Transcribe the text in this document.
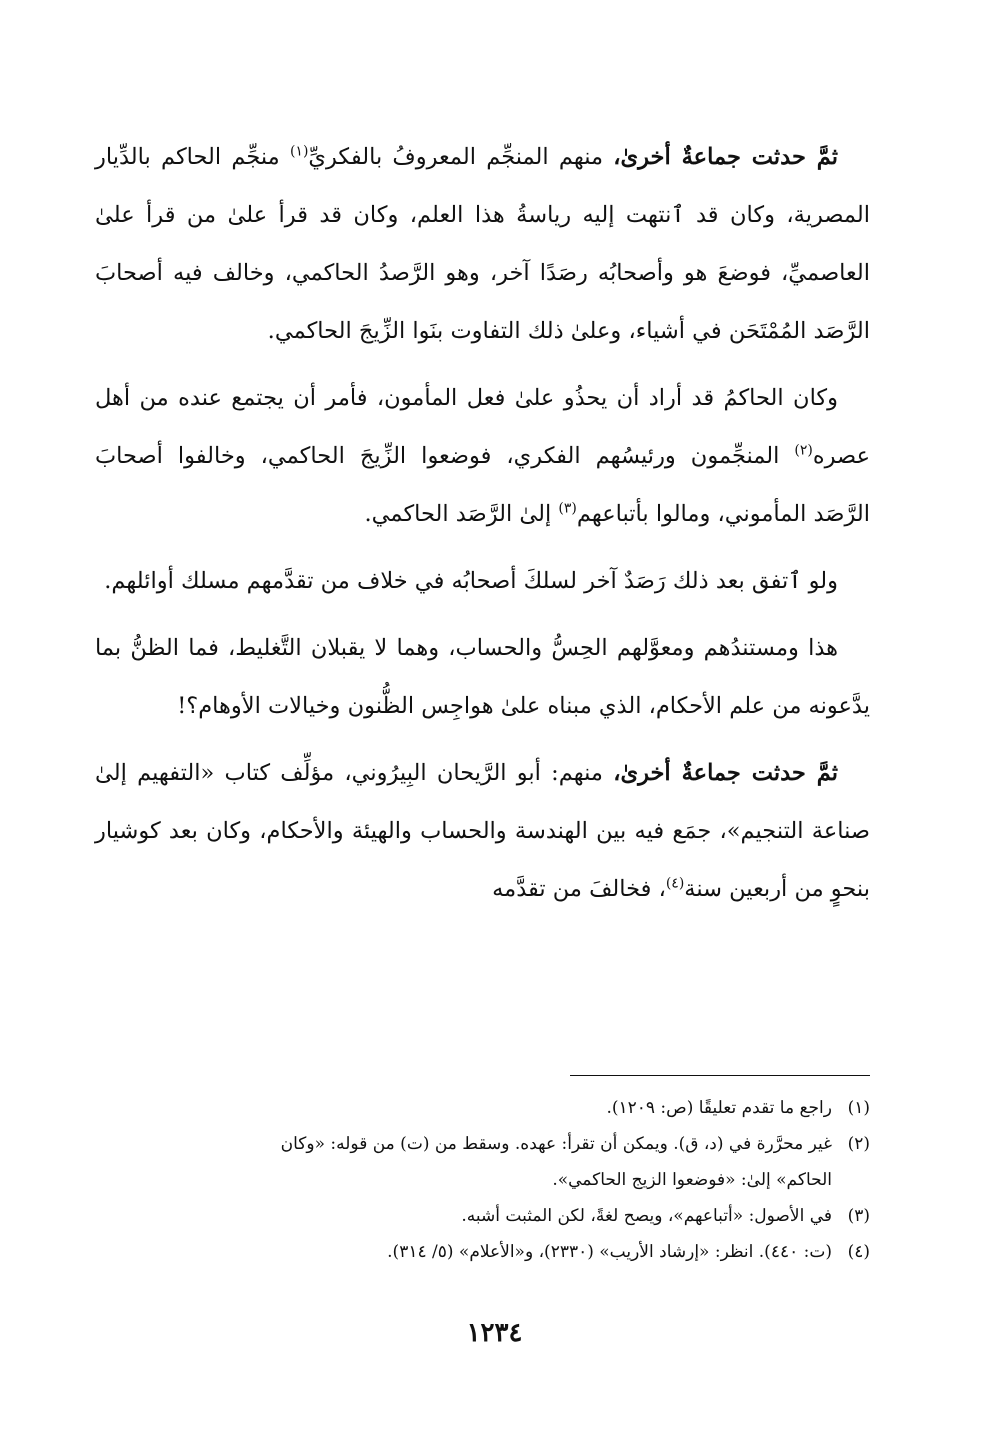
ثمَّ حدثت جماعةٌ أخرىٰ، منهم المنجِّم المعروفُ بالفكريِّ$^{(١)}$ منجِّم الحاكم بالدِّيار المصرية، وكان قد ٱنتهت إليه رياسةُ هذا العلم، وكان قد قرأ علىٰ من قرأ علىٰ العاصميِّ، فوضعَ هو وأصحابُه رصَدًا آخر، وهو الرَّصدُ الحاكمي، وخالف فيه أصحابَ الرَّصَد المُمْتَحَن في أشياء، وعلىٰ ذلك التفاوت بنَوا الزِّيجَ الحاكمي.

وكان الحاكمُ قد أراد أن يحذُو علىٰ فعل المأمون، فأمر أن يجتمع عنده من أهل عصره$^{(٢)}$ المنجِّمون ورئيسُهم الفكري، فوضعوا الزِّيجَ الحاكمي، وخالفوا أصحابَ الرَّصَد المأموني، ومالوا بأتباعهم$^{(٣)}$ إلىٰ الرَّصَد الحاكمي.

ولو ٱتفق بعد ذلك رَصَدٌ آخر لسلكَ أصحابُه في خلاف من تقدَّمهم مسلك أوائلهم.

هذا ومستندُهم ومعوَّلهم الحِسُّ والحساب، وهما لا يقبلان التَّغليط، فما الظنُّ بما يدَّعونه من علم الأحكام، الذي مبناه علىٰ هواجِس الظُّنون وخيالات الأوهام؟!

ثمَّ حدثت جماعةٌ أخرىٰ، منهم: أبو الرَّيحان البِيرُوني، مؤلِّف كتاب «التفهيم إلىٰ صناعة التنجيم»، جمَع فيه بين الهندسة والحساب والهيئة والأحكام، وكان بعد كوشيار بنحوٍ من أربعين سنة$^{(٤)}$، فخالفَ من تقدَّمه

(١)راجع ما تقدم تعليقًا (ص: ١٢٠٩).

(٢)غير محرَّرة في (د، ق). ويمكن أن تقرأ: عهده. وسقط من (ت) من قوله: «وكان

الحاكم» إلىٰ: «فوضعوا الزيج الحاكمي».

(٣)في الأصول: «أتباعهم»، ويصح لغةً، لكن المثبت أشبه.

(٤)(ت: ٤٤٠). انظر: «إرشاد الأريب» (٢٣٣٠)، و«الأعلام» (٥/ ٣١٤).

١٢٣٤
